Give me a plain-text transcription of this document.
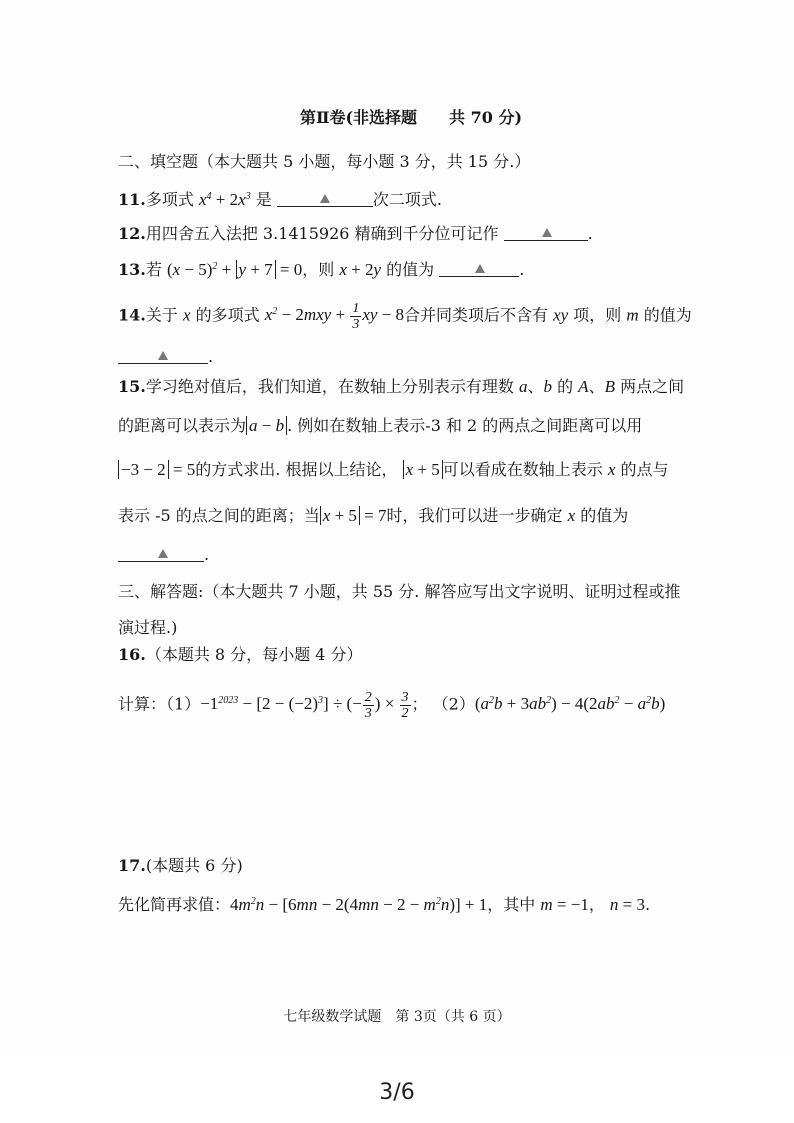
第Ⅱ卷(非选择题　　共 70 分)
二、填空题（本大题共 5 小题，每小题 3 分，共 15 分.）
11.多项式 $x^4 + 2x^3$ 是	次二项式.
12.用四舍五入法把 3.1415926 精确到千分位可记作	.
13.若 $(x - 5)^2 + y + 7 = 0$，则 x + 2y 的值为	.
14.关于 x 的多项式 $x^2 - 2mxy + \frac{1}{3}$ xy − 8合并同类项后不含有 xy 项，则 m 的值为
.
15.学习绝对值后，我们知道，在数轴上分别表示有理数 a、b 的 A、B 两点之间
的距离可以表示为 a − b . 例如在数轴上表示-3 和 2 的两点之间距离可以用
−3 − 2 = 5的方式求出. 根据以上结论， x + 5 可以看成在数轴上表示 x 的点与
表示 -5 的点之间的距离；当 x + 5 = 7时，我们可以进一步确定 x 的值为
.
三、解答题:（本大题共 7 小题，共 55 分. 解答应写出文字说明、证明过程或推
演过程.)
16.（本题共 8 分，每小题 4 分）
计算：$(1)-1^{2023} - [2 - (-2)^3]$ ÷ (− $\frac{2}{3}$ ) × $\frac{3}{2}$ ； $(2)(a^2b + 3ab^2) - 4(2ab^2 - a^2b)$
17.(本题共 6 分)
先化简再求值：$4m^2n - [6mn - 2(4mn - 2 - m^2n)] + 1$，其中 m = −1， n = 3.
七年级数学试题　第 3页（共 6 页）
3/6
